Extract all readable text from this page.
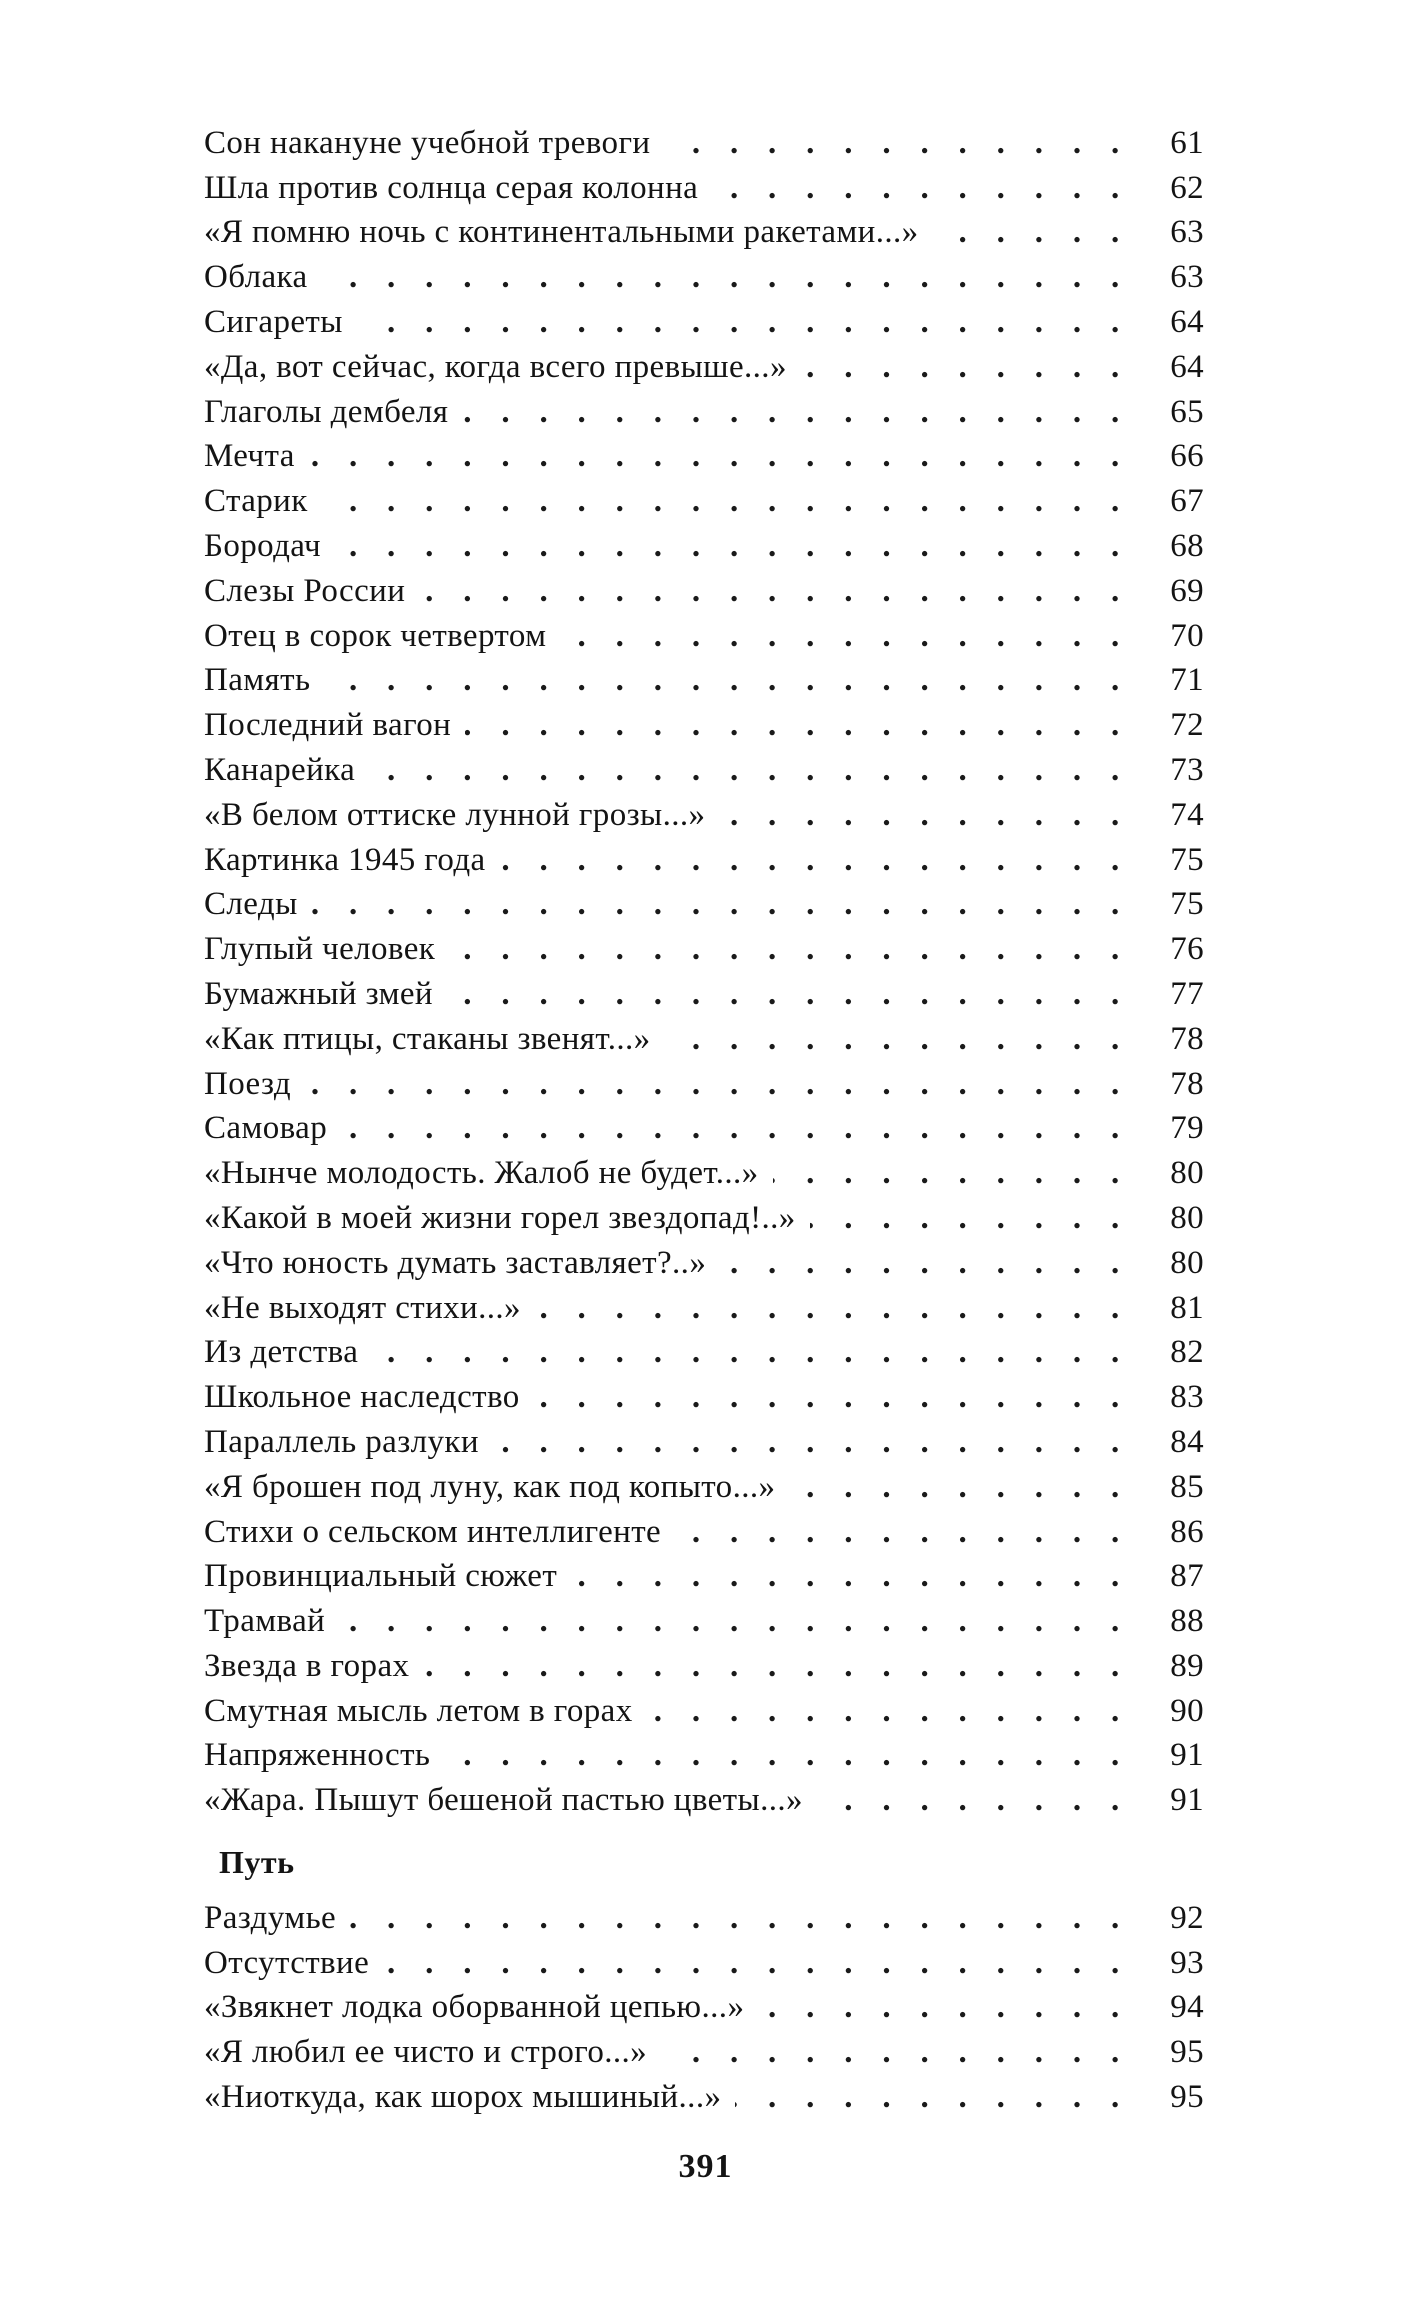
Сон накануне учебной тревоги . . .	61
Шла против солнца серая колонна . . .	62
«Я помню ночь с континентальными ракетами...» . . .	63
Облака . . .	63
Сигареты . . .	64
«Да, вот сейчас, когда всего превыше...» . . .	64
Глаголы дембеля . . .	65
Мечта . . .	66
Старик . . .	67
Бородач . . .	68
Слезы России . . .	69
Отец в сорок четвертом . . .	70
Память . . .	71
Последний вагон . . .	72
Канарейка . . .	73
«В белом оттиске лунной грозы...» . . .	74
Картинка 1945 года . . .	75
Следы . . .	75
Глупый человек . . .	76
Бумажный змей . . .	77
«Как птицы, стаканы звенят...» . . .	78
Поезд . . .	78
Самовар . . .	79
«Нынче молодость. Жалоб не будет...» . . .	80
«Какой в моей жизни горел звездопад!..» . . .	80
«Что юность думать заставляет?..» . . .	80
«Не выходят стихи...» . . .	81
Из детства . . .	82
Школьное наследство . . .	83
Параллель разлуки . . .	84
«Я брошен под луну, как под копыто...» . . .	85
Стихи о сельском интеллигенте . . .	86
Провинциальный сюжет . . .	87
Трамвай . . .	88
Звезда в горах . . .	89
Смутная мысль летом в горах . . .	90
Напряженность . . .	91
«Жара. Пышут бешеной пастью цветы...» . . .	91
Путь
Раздумье . . .	92
Отсутствие . . .	93
«Звякнет лодка оборванной цепью...» . . .	94
«Я любил ее чисто и строго...» . . .	95
«Ниоткуда, как шорох мышиный...» . . .	95
391
